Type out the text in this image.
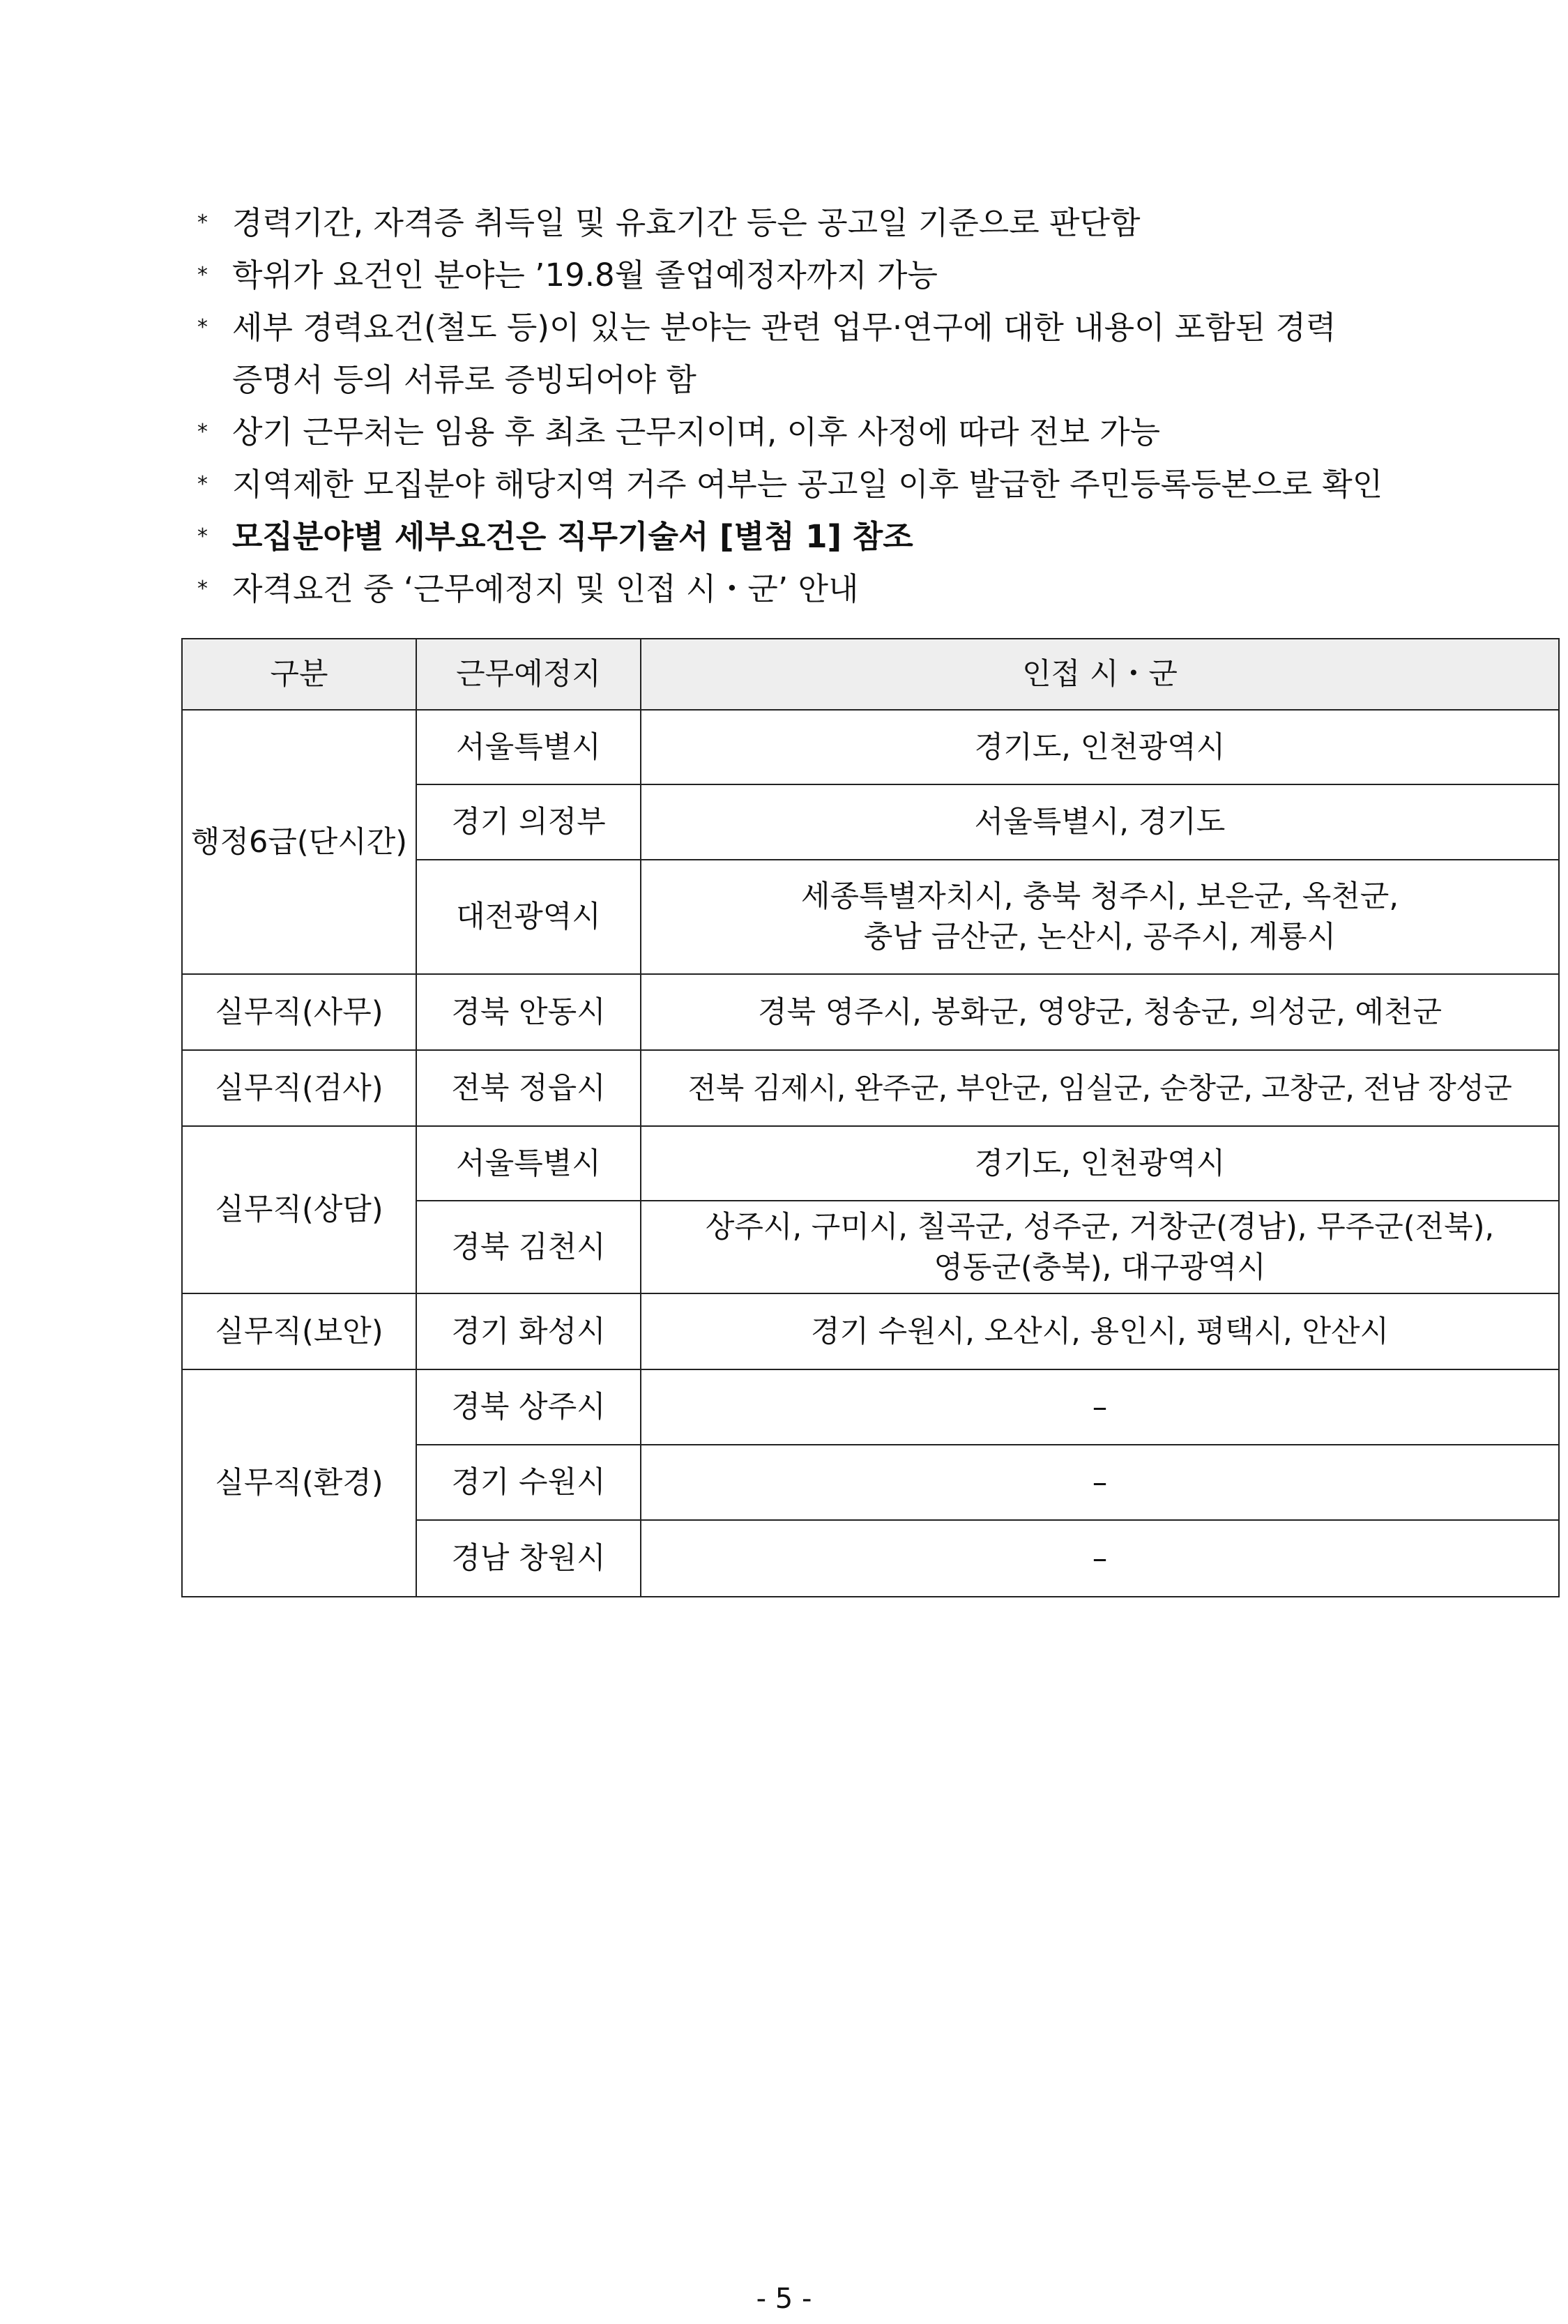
*
경력기간, 자격증 취득일 및 유효기간 등은 공고일 기준으로 판단함
*
학위가 요건인 분야는 ’19.8월 졸업예정자까지 가능
*
세부 경력요건(철도 등)이 있는 분야는 관련 업무·연구에 대한 내용이 포함된 경력
증명서 등의 서류로 증빙되어야 함
*
상기 근무처는 임용 후 최초 근무지이며, 이후 사정에 따라 전보 가능
*
지역제한 모집분야 해당지역 거주 여부는 공고일 이후 발급한 주민등록등본으로 확인
*
모집분야별 세부요건은 직무기술서 [별첨 1] 참조
*
자격요건 중 ‘근무예정지 및 인접 시・군’ 안내
구분	근무예정지	인접 시・군
행정6급(단시간)	서울특별시	경기도, 인천광역시
	경기 의정부	서울특별시, 경기도
	대전광역시	세종특별자치시, 충북 청주시, 보은군, 옥천군,
충남 금산군, 논산시, 공주시, 계룡시

실무직(사무)	경북 안동시	경북 영주시, 봉화군, 영양군, 청송군, 의성군, 예천군
실무직(검사)	전북 정읍시	전북 김제시, 완주군, 부안군, 임실군, 순창군, 고창군, 전남 장성군
실무직(상담)	서울특별시	경기도, 인천광역시
	경북 김천시	상주시, 구미시, 칠곡군, 성주군, 거창군(경남), 무주군(전북),
영동군(충북), 대구광역시

실무직(보안)	경기 화성시	경기 수원시, 오산시, 용인시, 평택시, 안산시
실무직(환경)	경북 상주시	–
	경기 수원시	–
	경남 창원시	–
- 5 -
